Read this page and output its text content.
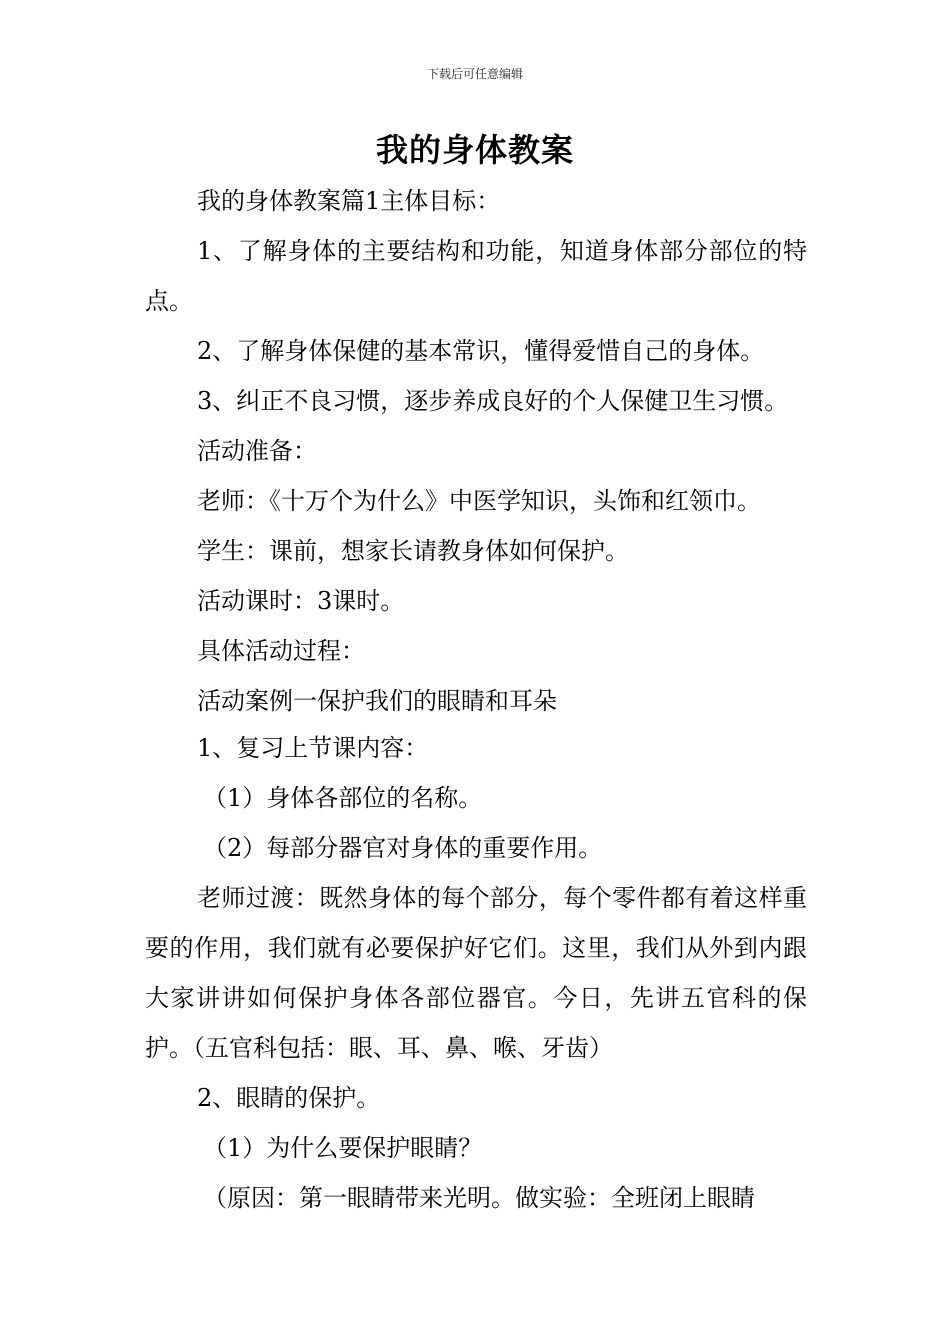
下载后可任意编辑
我的身体教案

我的身体教案篇1主体目标：

1、了解身体的主要结构和功能，知道身体部分部位的特点。

2、了解身体保健的基本常识，懂得爱惜自己的身体。

3、纠正不良习惯，逐步养成良好的个人保健卫生习惯。

活动准备：

老师：《十万个为什么》中医学知识，头饰和红领巾。

学生：课前，想家长请教身体如何保护。

活动课时：3课时。

具体活动过程：

活动案例一保护我们的眼睛和耳朵

1、复习上节课内容：

（1）身体各部位的名称。

（2）每部分器官对身体的重要作用。

老师过渡：既然身体的每个部分，每个零件都有着这样重要的作用，我们就有必要保护好它们。这里，我们从外到内跟大家讲讲如何保护身体各部位器官。今日，先讲五官科的保护。（五官科包括：眼、耳、鼻、喉、牙齿）

2、眼睛的保护。

（1）为什么要保护眼睛？

（原因：第一眼睛带来光明。做实验：全班闭上眼睛
